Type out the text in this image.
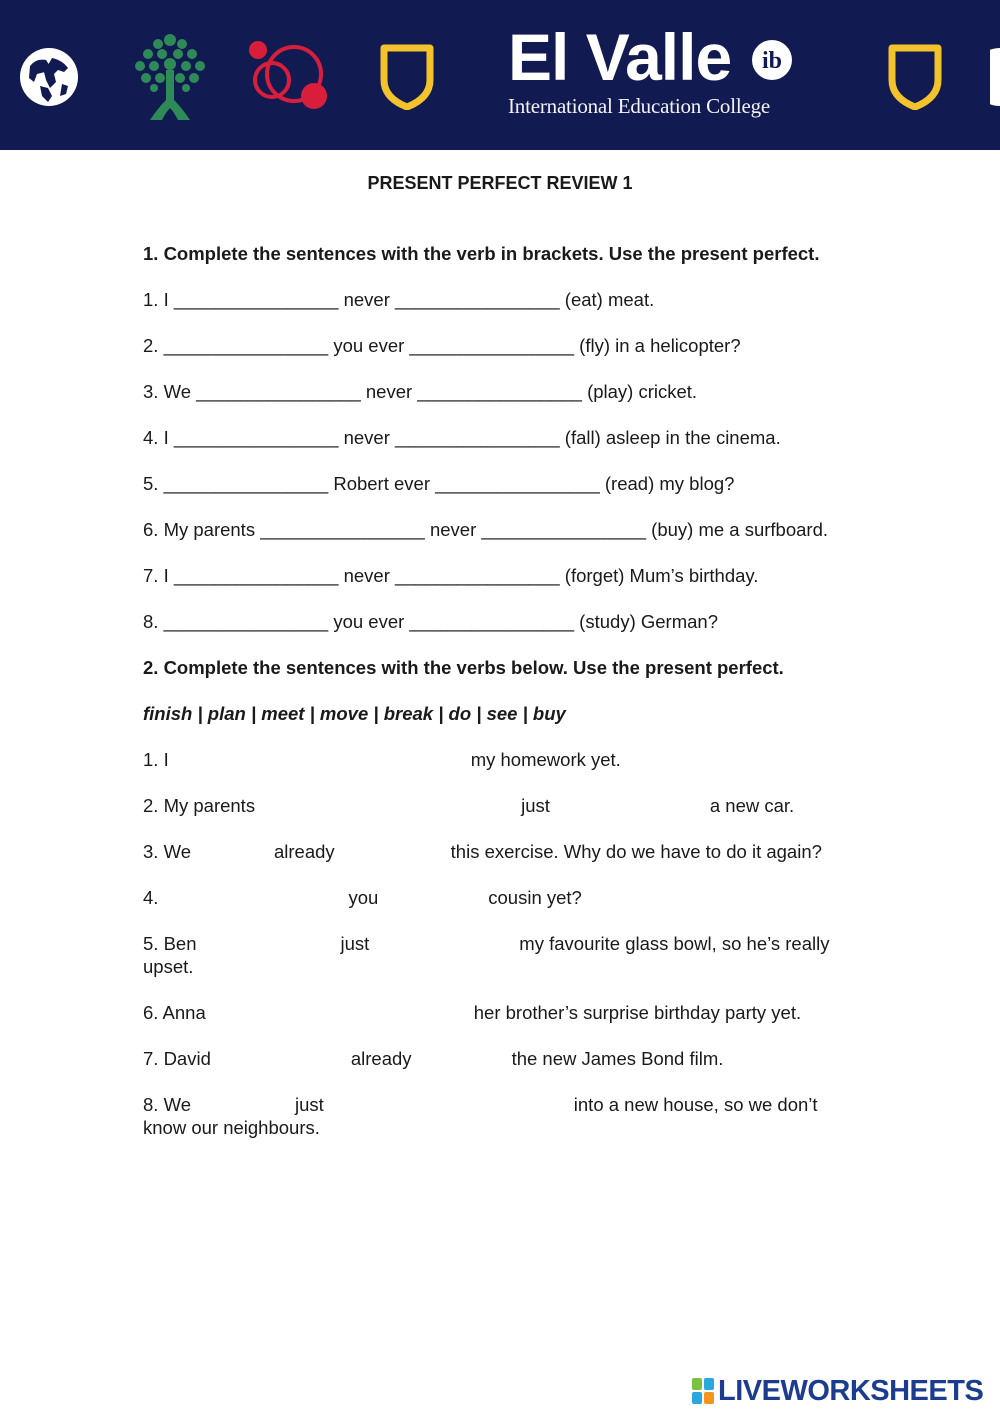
El Valle
International Education College
ib
PRESENT PERFECT REVIEW 1
1. Complete the sentences with the verb in brackets. Use the present perfect.
1. I ________________ never ________________ (eat) meat.
2. ________________ you ever ________________ (fly) in a helicopter?
3. We ________________ never ________________ (play) cricket.
4. I ________________ never ________________ (fall) asleep in the cinema.
5. ________________ Robert ever ________________ (read) my blog?
6. My parents ________________ never ________________ (buy) me a surfboard.
7. I ________________ never ________________ (forget) Mum’s birthday.
8. ________________ you ever ________________ (study) German?
2. Complete the sentences with the verbs below. Use the present perfect.
finish | plan | meet | move | break | do | see | buy
1. I	my homework yet.
2. My parents	just	a new car.
3. We	already	this exercise. Why do we have to do it again?
4.	you	cousin yet?
5. Ben	just	my favourite glass bowl, so he’s really upset.
6. Anna	her brother’s surprise birthday party yet.
7. David	already	the new James Bond film.
8. We	just	into a new house, so we don’t know our neighbours.
LIVEWORKSHEETS
